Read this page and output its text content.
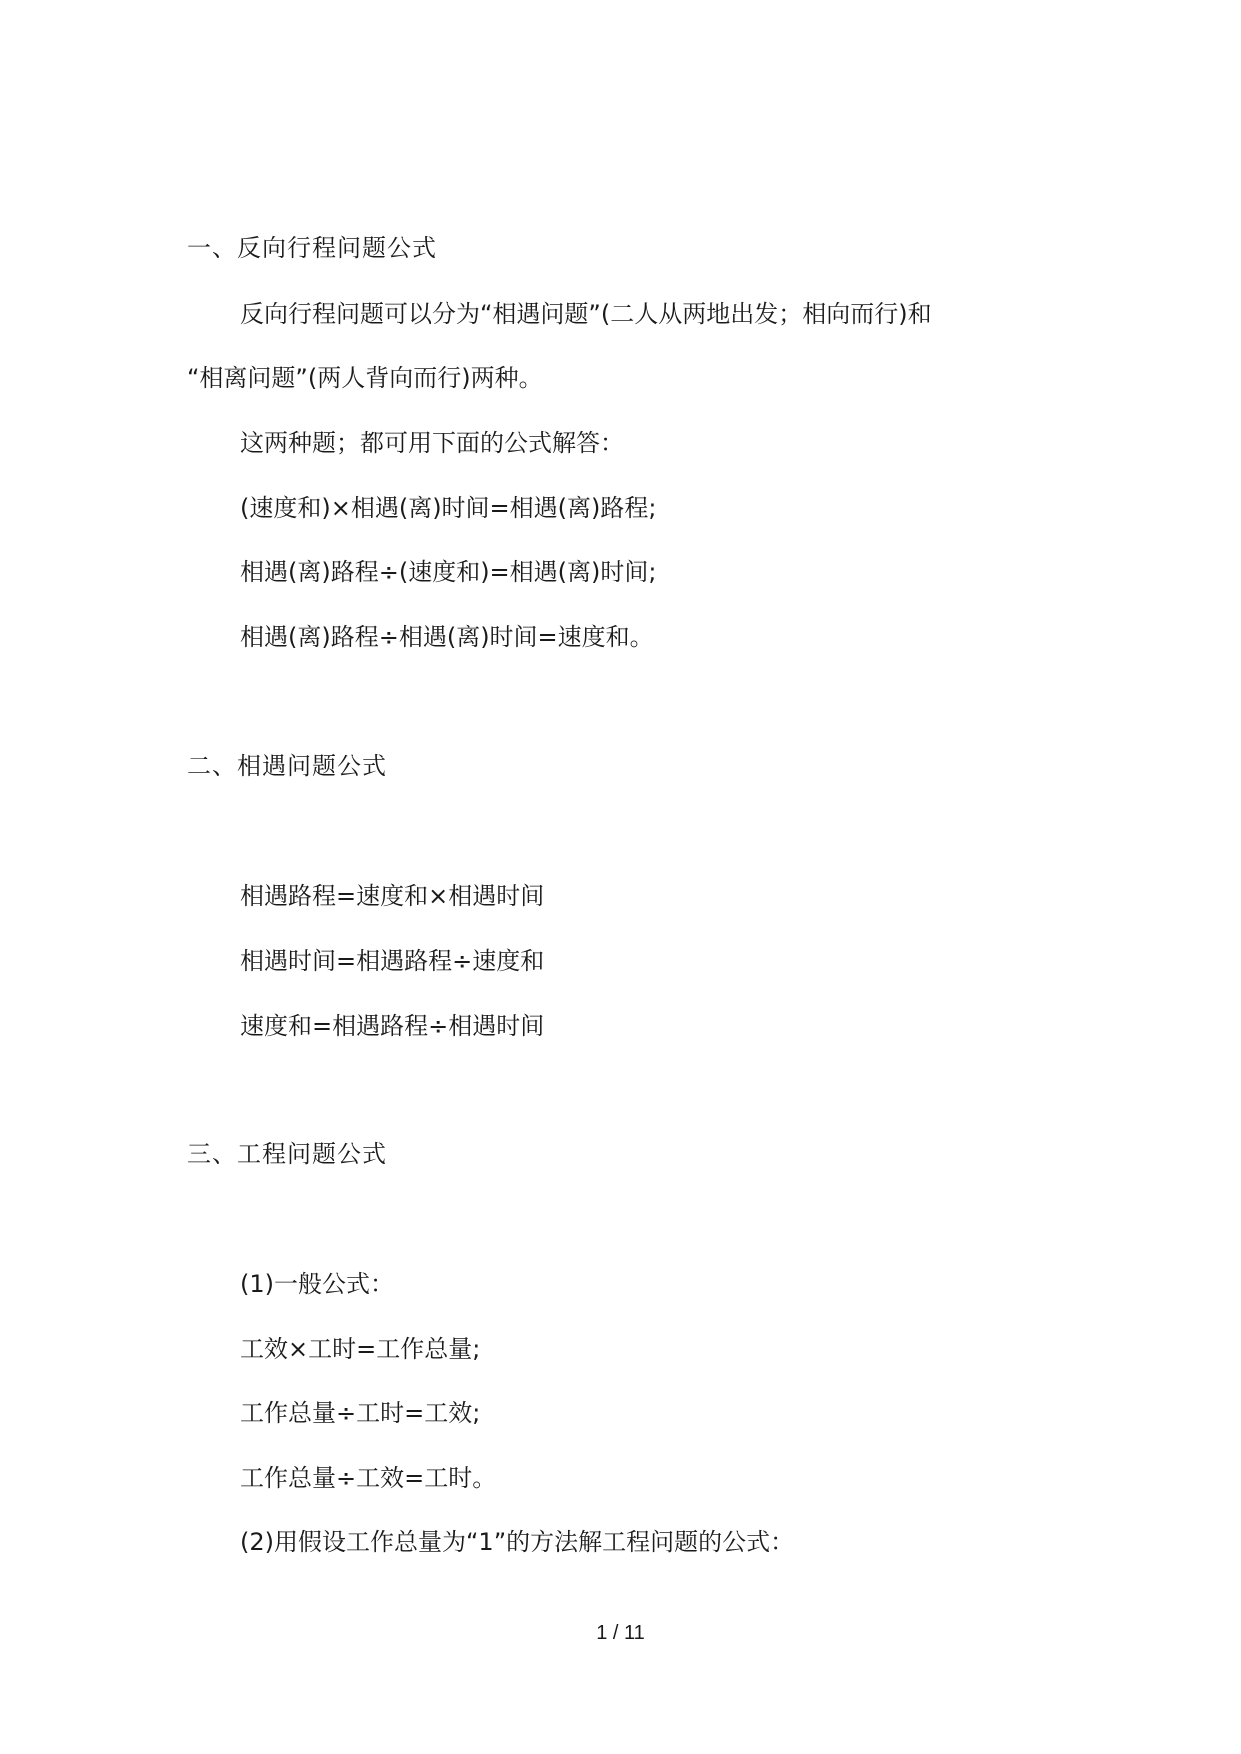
一、反向行程问题公式
反向行程问题可以分为“相遇问题”(二人从两地出发；相向而行)和
“相离问题”(两人背向而行)两种。
这两种题；都可用下面的公式解答：
(速度和)×相遇(离)时间=相遇(离)路程;
相遇(离)路程÷(速度和)=相遇(离)时间;
相遇(离)路程÷相遇(离)时间=速度和。
二、相遇问题公式
相遇路程=速度和×相遇时间
相遇时间=相遇路程÷速度和
速度和=相遇路程÷相遇时间
三、工程问题公式
(1)一般公式：
工效×工时=工作总量;
工作总量÷工时=工效;
工作总量÷工效=工时。
(2)用假设工作总量为“1”的方法解工程问题的公式：
1 / 11
